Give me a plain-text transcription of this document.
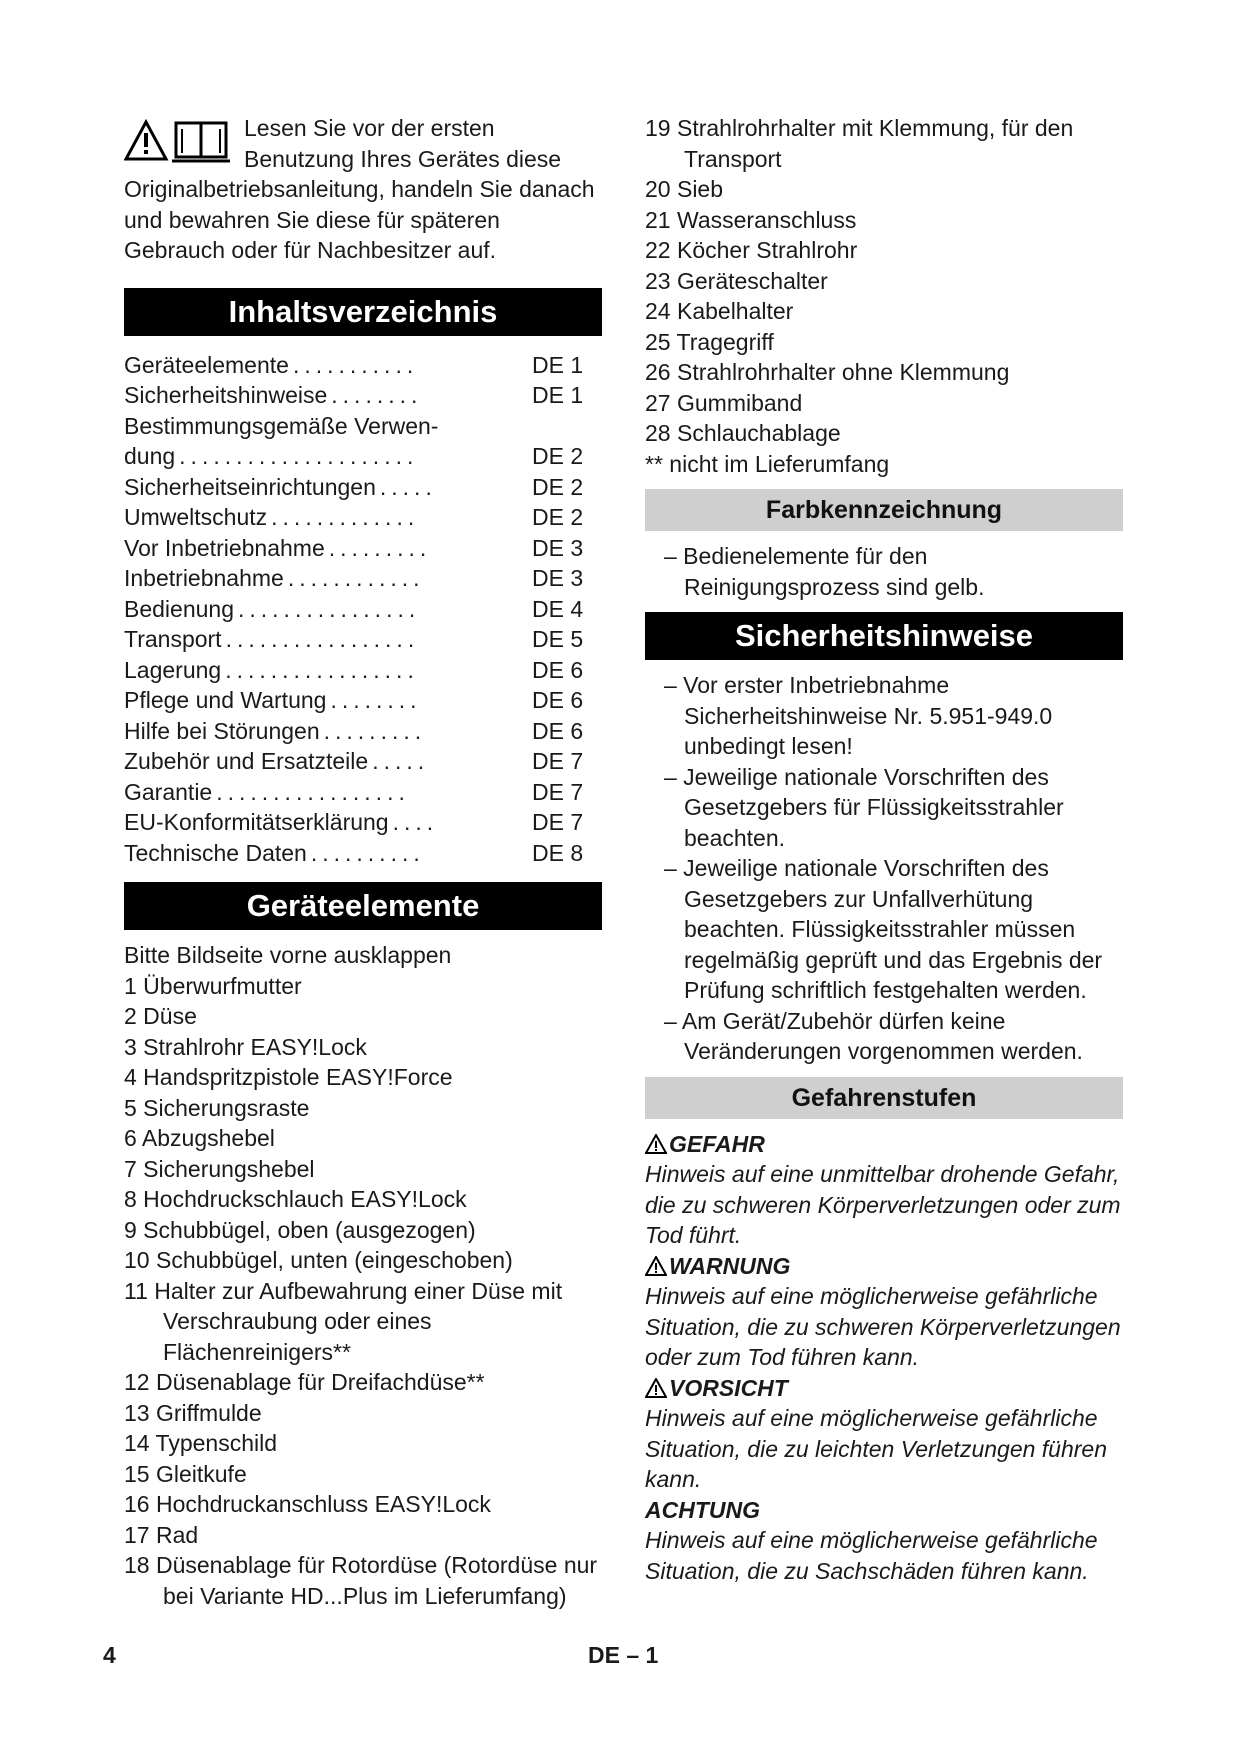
Lesen Sie vor der ersten Benutzung Ihres Gerätes diese Originalbetriebsanleitung, handeln Sie danach und bewahren Sie diese für späteren Gebrauch oder für Nachbesitzer auf.

Inhaltsverzeichnis
Geräteelemente ...........	DE 1
Sicherheitshinweise ........	DE 1
Bestimmungsgemäße Verwen-
dung .....................	DE 2
Sicherheitseinrichtungen .....	DE 2
Umweltschutz .............	DE 2
Vor Inbetriebnahme .........	DE 3
Inbetriebnahme ............	DE 3
Bedienung ................	DE 4
Transport .................	DE 5
Lagerung .................	DE 6
Pflege und Wartung ........	DE 6
Hilfe bei Störungen .........	DE 6
Zubehör und Ersatzteile .....	DE 7
Garantie .................	DE 7
EU-Konformitätserklärung ....	DE 7
Technische Daten ..........	DE 8
Geräteelemente

Bitte Bildseite vorne ausklappen

1 Überwurfmutter
2 Düse
3 Strahlrohr EASY!Lock
4 Handspritzpistole EASY!Force
5 Sicherungsraste
6 Abzugshebel
7 Sicherungshebel
8 Hochdruckschlauch EASY!Lock
9 Schubbügel, oben (ausgezogen)
10 Schubbügel, unten (eingeschoben)
11 Halter zur Aufbewahrung einer Düse mit Verschraubung oder eines Flächenreinigers**
12 Düsenablage für Dreifachdüse**
13 Griffmulde
14 Typenschild
15 Gleitkufe
16 Hochdruckanschluss EASY!Lock
17 Rad
18 Düsenablage für Rotordüse (Rotordüse nur bei Variante HD...Plus im Lieferumfang)
19 Strahlrohrhalter mit Klemmung, für den Transport
20 Sieb
21 Wasseranschluss
22 Köcher Strahlrohr
23 Geräteschalter
24 Kabelhalter
25 Tragegriff
26 Strahlrohrhalter ohne Klemmung
27 Gummiband
28 Schlauchablage
** nicht im Lieferumfang
Farbkennzeichnung
– Bedienelemente für den Reinigungsprozess sind gelb.
Sicherheitshinweise
– Vor erster Inbetriebnahme Sicherheitshinweise Nr. 5.951-949.0 unbedingt lesen!
– Jeweilige nationale Vorschriften des Gesetzgebers für Flüssigkeitsstrahler beachten.
– Jeweilige nationale Vorschriften des Gesetzgebers zur Unfallverhütung beachten. Flüssigkeitsstrahler müssen regelmäßig geprüft und das Ergebnis der Prüfung schriftlich festgehalten werden.
– Am Gerät/Zubehör dürfen keine Veränderungen vorgenommen werden.
Gefahrenstufen

GEFAHR

Hinweis auf eine unmittelbar drohende Gefahr, die zu schweren Körperverletzungen oder zum Tod führt.

WARNUNG

Hinweis auf eine möglicherweise gefährliche Situation, die zu schweren Körperverletzungen oder zum Tod führen kann.

VORSICHT

Hinweis auf eine möglicherweise gefährliche Situation, die zu leichten Verletzungen führen kann.

ACHTUNG

Hinweis auf eine möglicherweise gefährliche Situation, die zu Sachschäden führen kann.

4	DE – 1
